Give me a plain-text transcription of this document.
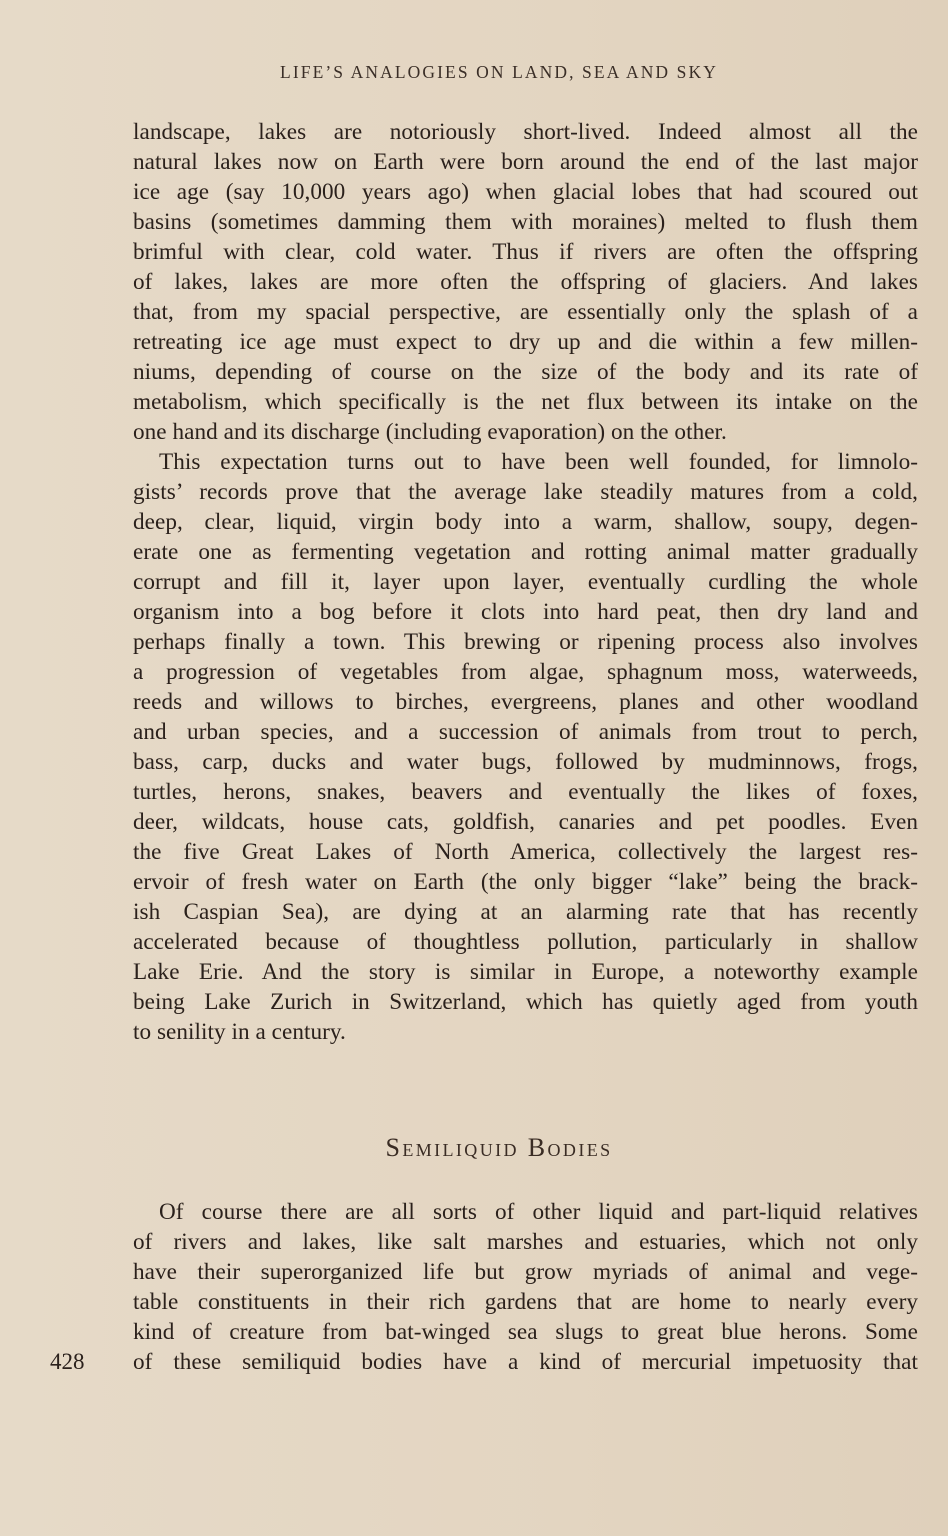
LIFE’S ANALOGIES ON LAND, SEA AND SKY
landscape, lakes are notoriously short-lived. Indeed almost all the
natural lakes now on Earth were born around the end of the last major
ice age (say 10,000 years ago) when glacial lobes that had scoured out
basins (sometimes damming them with moraines) melted to flush them
brimful with clear, cold water. Thus if rivers are often the offspring
of lakes, lakes are more often the offspring of glaciers. And lakes
that, from my spacial perspective, are essentially only the splash of a
retreating ice age must expect to dry up and die within a few millen-
niums, depending of course on the size of the body and its rate of
metabolism, which specifically is the net flux between its intake on the
one hand and its discharge (including evaporation) on the other.
This expectation turns out to have been well founded, for limnolo-
gists’ records prove that the average lake steadily matures from a cold,
deep, clear, liquid, virgin body into a warm, shallow, soupy, degen-
erate one as fermenting vegetation and rotting animal matter gradually
corrupt and fill it, layer upon layer, eventually curdling the whole
organism into a bog before it clots into hard peat, then dry land and
perhaps finally a town. This brewing or ripening process also involves
a progression of vegetables from algae, sphagnum moss, waterweeds,
reeds and willows to birches, evergreens, planes and other woodland
and urban species, and a succession of animals from trout to perch,
bass, carp, ducks and water bugs, followed by mudminnows, frogs,
turtles, herons, snakes, beavers and eventually the likes of foxes,
deer, wildcats, house cats, goldfish, canaries and pet poodles. Even
the five Great Lakes of North America, collectively the largest res-
ervoir of fresh water on Earth (the only bigger “lake” being the brack-
ish Caspian Sea), are dying at an alarming rate that has recently
accelerated because of thoughtless pollution, particularly in shallow
Lake Erie. And the story is similar in Europe, a noteworthy example
being Lake Zurich in Switzerland, which has quietly aged from youth
to senility in a century.
Semiliquid Bodies
Of course there are all sorts of other liquid and part-liquid relatives
of rivers and lakes, like salt marshes and estuaries, which not only
have their superorganized life but grow myriads of animal and vege-
table constituents in their rich gardens that are home to nearly every
kind of creature from bat-winged sea slugs to great blue herons. Some
of these semiliquid bodies have a kind of mercurial impetuosity that
428
